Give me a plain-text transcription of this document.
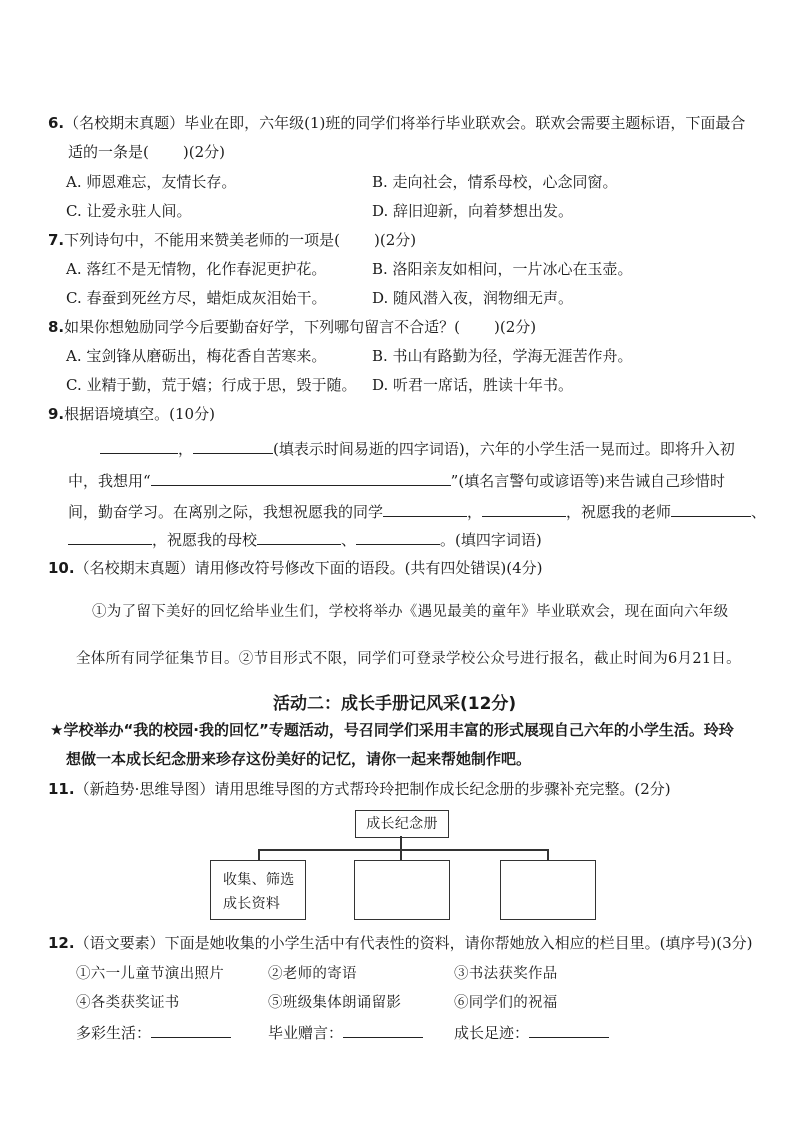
6.（名校期末真题）毕业在即，六年级(1)班的同学们将举行毕业联欢会。联欢会需要主题标语，下面最合
适的一条是( )(2分)
A. 师恩难忘，友情长存。	B. 走向社会，情系母校，心念同窗。
C. 让爱永驻人间。	D. 辞旧迎新，向着梦想出发。
7.下列诗句中，不能用来赞美老师的一项是( )(2分)
A. 落红不是无情物，化作春泥更护花。	B. 洛阳亲友如相问，一片冰心在玉壶。
C. 春蚕到死丝方尽，蜡炬成灰泪始干。	D. 随风潜入夜，润物细无声。
8.如果你想勉励同学今后要勤奋好学，下列哪句留言不合适？( )(2分)
A. 宝剑锋从磨砺出，梅花香自苦寒来。	B. 书山有路勤为径，学海无涯苦作舟。
C. 业精于勤，荒于嬉；行成于思，毁于随。 D. 听君一席话，胜读十年书。
9.根据语境填空。(10分)
，	(填表示时间易逝的四字词语)，六年的小学生活一晃而过。即将升入初
中，我想用“	”(填名言警句或谚语等)来告诫自己珍惜时
间，勤奋学习。在离别之际，我想祝愿我的同学	，	，祝愿我的老师	、
，祝愿我的母校	、	。(填四字词语)
10.（名校期末真题）请用修改符号修改下面的语段。(共有四处错误)(4分)
①为了留下美好的回忆给毕业生们，学校将举办《遇见最美的童年》毕业联欢会，现在面向六年级
全体所有同学征集节目。②节目形式不限，同学们可登录学校公众号进行报名，截止时间为6月21日。
活动二：成长手册记风采(12分)
★学校举办“我的校园·我的回忆”专题活动，号召同学们采用丰富的形式展现自己六年的小学生活。玲玲
想做一本成长纪念册来珍存这份美好的记忆，请你一起来帮她制作吧。
11.（新趋势·思维导图）请用思维导图的方式帮玲玲把制作成长纪念册的步骤补充完整。(2分)
成长纪念册
收集、筛选
成长资料
12.（语文要素）下面是她收集的小学生活中有代表性的资料，请你帮她放入相应的栏目里。(填序号)(3分)
①六一儿童节演出照片	②老师的寄语	③书法获奖作品
④各类获奖证书	⑤班级集体朗诵留影	⑥同学们的祝福
多彩生活：	毕业赠言：	成长足迹：
